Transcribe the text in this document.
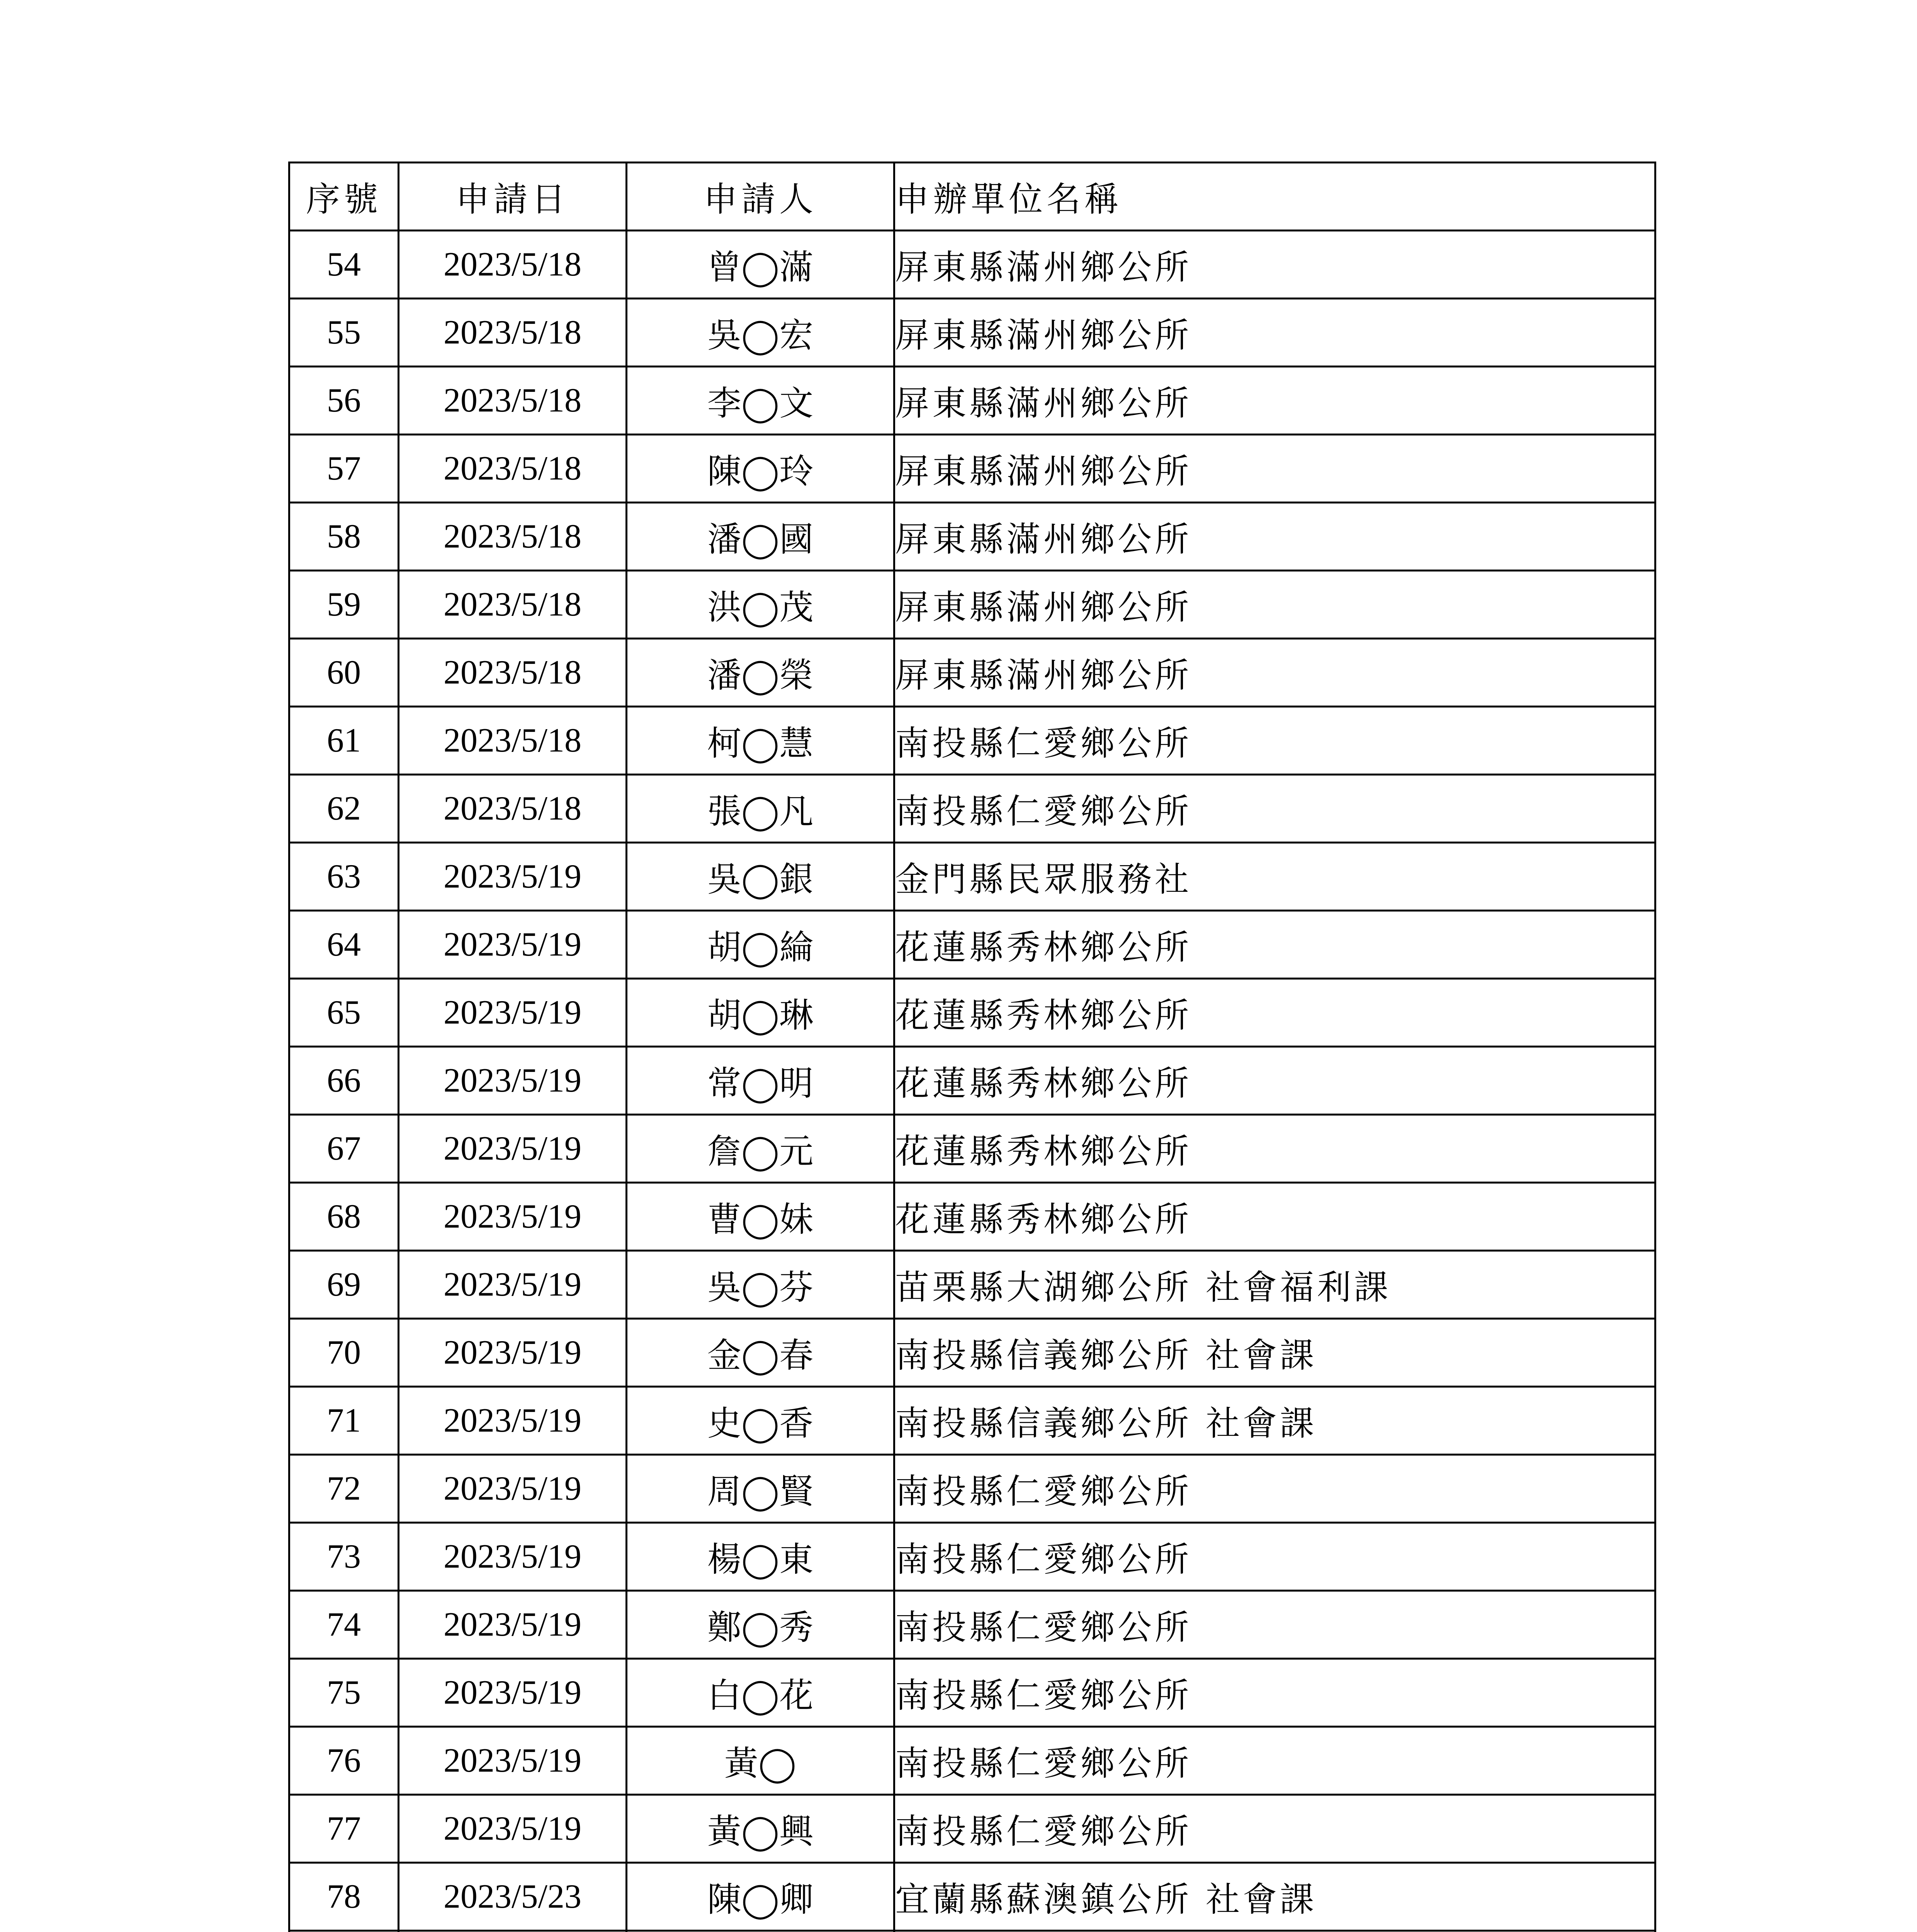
序號	申請日	申請人	申辦單位名稱
54	2023/5/18	曾◯滿	屏東縣滿州鄉公所
55	2023/5/18	吳◯宏	屏東縣滿州鄉公所
56	2023/5/18	李◯文	屏東縣滿州鄉公所
57	2023/5/18	陳◯玲	屏東縣滿州鄉公所
58	2023/5/18	潘◯國	屏東縣滿州鄉公所
59	2023/5/18	洪◯茂	屏東縣滿州鄉公所
60	2023/5/18	潘◯榮	屏東縣滿州鄉公所
61	2023/5/18	柯◯慧	南投縣仁愛鄉公所
62	2023/5/18	張◯凡	南投縣仁愛鄉公所
63	2023/5/19	吳◯銀	金門縣民眾服務社
64	2023/5/19	胡◯綸	花蓮縣秀林鄉公所
65	2023/5/19	胡◯琳	花蓮縣秀林鄉公所
66	2023/5/19	常◯明	花蓮縣秀林鄉公所
67	2023/5/19	詹◯元	花蓮縣秀林鄉公所
68	2023/5/19	曹◯妹	花蓮縣秀林鄉公所
69	2023/5/19	吳◯芬	苗栗縣大湖鄉公所 社會福利課
70	2023/5/19	金◯春	南投縣信義鄉公所 社會課
71	2023/5/19	史◯香	南投縣信義鄉公所 社會課
72	2023/5/19	周◯賢	南投縣仁愛鄉公所
73	2023/5/19	楊◯東	南投縣仁愛鄉公所
74	2023/5/19	鄭◯秀	南投縣仁愛鄉公所
75	2023/5/19	白◯花	南投縣仁愛鄉公所
76	2023/5/19	黃◯	南投縣仁愛鄉公所
77	2023/5/19	黃◯興	南投縣仁愛鄉公所
78	2023/5/23	陳◯卿	宜蘭縣蘇澳鎮公所 社會課
